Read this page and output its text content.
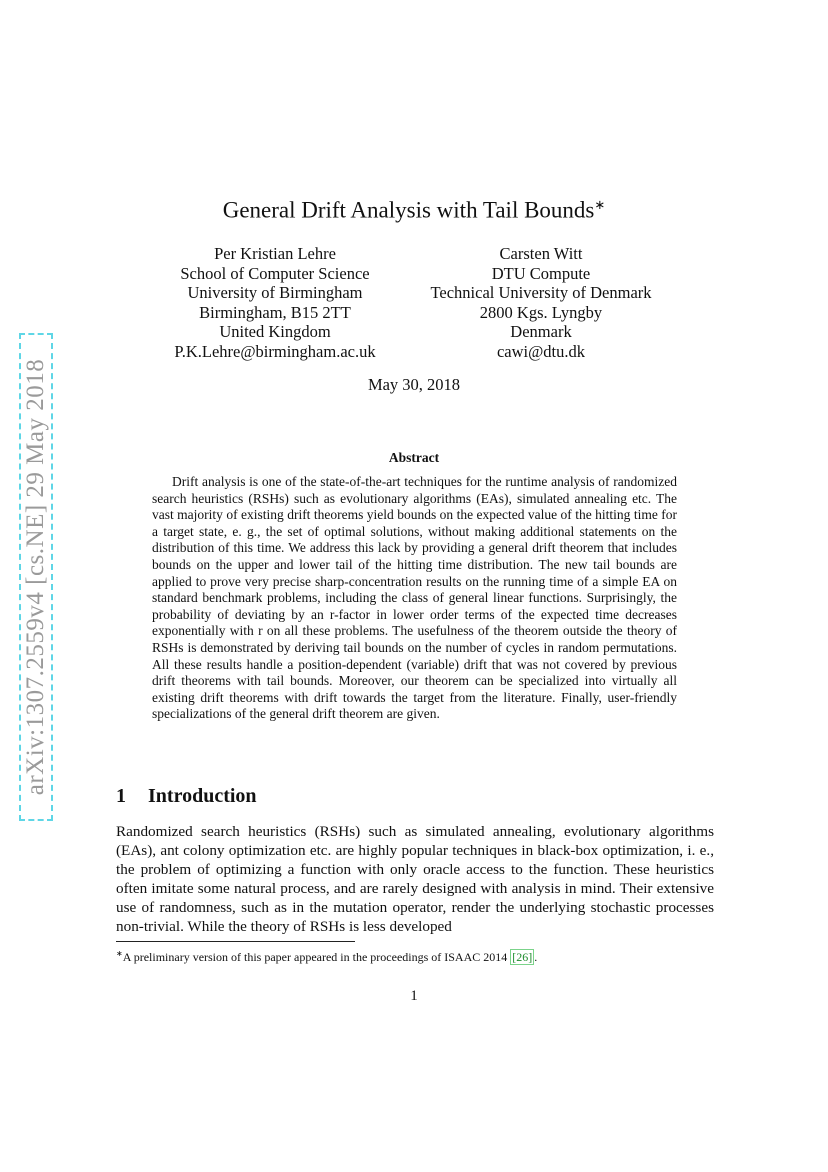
arXiv:1307.2559v4 [cs.NE] 29 May 2018
General Drift Analysis with Tail Bounds∗
Per Kristian Lehre
School of Computer Science
University of Birmingham
Birmingham, B15 2TT
United Kingdom
P.K.Lehre@birmingham.ac.uk
Carsten Witt
DTU Compute
Technical University of Denmark
2800 Kgs. Lyngby
Denmark
cawi@dtu.dk
May 30, 2018
Abstract

Drift analysis is one of the state-of-the-art techniques for the runtime analysis of randomized search heuristics (RSHs) such as evolutionary algorithms (EAs), simulated annealing etc. The vast majority of existing drift theorems yield bounds on the expected value of the hitting time for a target state, e. g., the set of optimal solutions, without making additional statements on the distribution of this time. We address this lack by providing a general drift theorem that includes bounds on the upper and lower tail of the hitting time distribution. The new tail bounds are applied to prove very precise sharp-concentration results on the running time of a simple EA on standard benchmark problems, including the class of general linear functions. Surprisingly, the probability of deviating by an r-factor in lower order terms of the expected time decreases exponentially with r on all these problems. The usefulness of the theorem outside the theory of RSHs is demonstrated by deriving tail bounds on the number of cycles in random permutations. All these results handle a position-dependent (variable) drift that was not covered by previous drift theorems with tail bounds. Moreover, our theorem can be specialized into virtually all existing drift theorems with drift towards the target from the literature. Finally, user-friendly specializations of the general drift theorem are given.

1 Introduction

Randomized search heuristics (RSHs) such as simulated annealing, evolutionary algorithms (EAs), ant colony optimization etc. are highly popular techniques in black-box optimization, i. e., the problem of optimizing a function with only oracle access to the function. These heuristics often imitate some natural process, and are rarely designed with analysis in mind. Their extensive use of randomness, such as in the mutation operator, render the underlying stochastic processes non-trivial. While the theory of RSHs is less developed

∗A preliminary version of this paper appeared in the proceedings of ISAAC 2014 [26] .
1
